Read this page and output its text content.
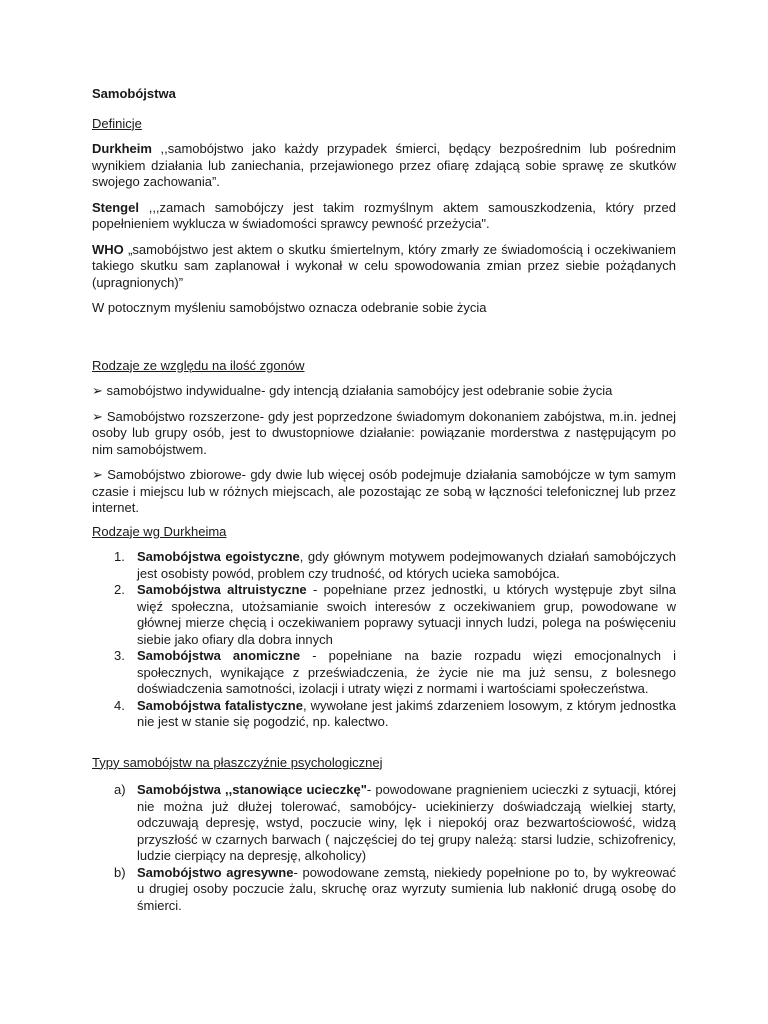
Samobójstwa

Definicje

Durkheim ,,samobójstwo jako każdy przypadek śmierci, będący bezpośrednim lub pośrednim wynikiem działania lub zaniechania, przejawionego przez ofiarę zdającą sobie sprawę ze skutków swojego zachowania”.

Stengel ,,,zamach samobójczy jest takim rozmyślnym aktem samouszkodzenia, który przed popełnieniem wyklucza w świadomości sprawcy pewność przeżycia".

WHO „samobójstwo jest aktem o skutku śmiertelnym, który zmarły ze świadomością i oczekiwaniem takiego skutku sam zaplanował i wykonał w celu spowodowania zmian przez siebie pożądanych (upragnionych)”

W potocznym myśleniu samobójstwo oznacza odebranie sobie życia

Rodzaje ze względu na ilość zgonów

➢ samobójstwo indywidualne- gdy intencją działania samobójcy jest odebranie sobie życia

➢ Samobójstwo rozszerzone- gdy jest poprzedzone świadomym dokonaniem zabójstwa, m.in. jednej osoby lub grupy osób, jest to dwustopniowe działanie: powiązanie morderstwa z następującym po nim samobójstwem.

➢ Samobójstwo zbiorowe- gdy dwie lub więcej osób podejmuje działania samobójcze w tym samym czasie i miejscu lub w różnych miejscach, ale pozostając ze sobą w łączności telefonicznej lub przez internet.

Rodzaje wg Durkheima

1. Samobójstwa egoistyczne, gdy głównym motywem podejmowanych działań samobójczych jest osobisty powód, problem czy trudność, od których ucieka samobójca.
2. Samobójstwa altruistyczne - popełniane przez jednostki, u których występuje zbyt silna więź społeczna, utożsamianie swoich interesów z oczekiwaniem grup, powodowane w głównej mierze chęcią i oczekiwaniem poprawy sytuacji innych ludzi, polega na poświęceniu siebie jako ofiary dla dobra innych
3. Samobójstwa anomiczne - popełniane na bazie rozpadu więzi emocjonalnych i społecznych, wynikające z przeświadczenia, że życie nie ma już sensu, z bolesnego doświadczenia samotności, izolacji i utraty więzi z normami i wartościami społeczeństwa.
4. Samobójstwa fatalistyczne, wywołane jest jakimś zdarzeniem losowym, z którym jednostka nie jest w stanie się pogodzić, np. kalectwo.

Typy samobójstw na płaszczyźnie psychologicznej

a) Samobójstwa ,,stanowiące ucieczkę"- powodowane pragnieniem ucieczki z sytuacji, której nie można już dłużej tolerować, samobójcy- uciekinierzy doświadczają wielkiej starty, odczuwają depresję, wstyd, poczucie winy, lęk i niepokój oraz bezwartościowość, widzą przyszłość w czarnych barwach ( najczęściej do tej grupy należą: starsi ludzie, schizofrenicy, ludzie cierpiący na depresję, alkoholicy)
b) Samobójstwo agresywne- powodowane zemstą, niekiedy popełnione po to, by wykreować u drugiej osoby poczucie żalu, skruchę oraz wyrzuty sumienia lub nakłonić drugą osobę do śmierci.
